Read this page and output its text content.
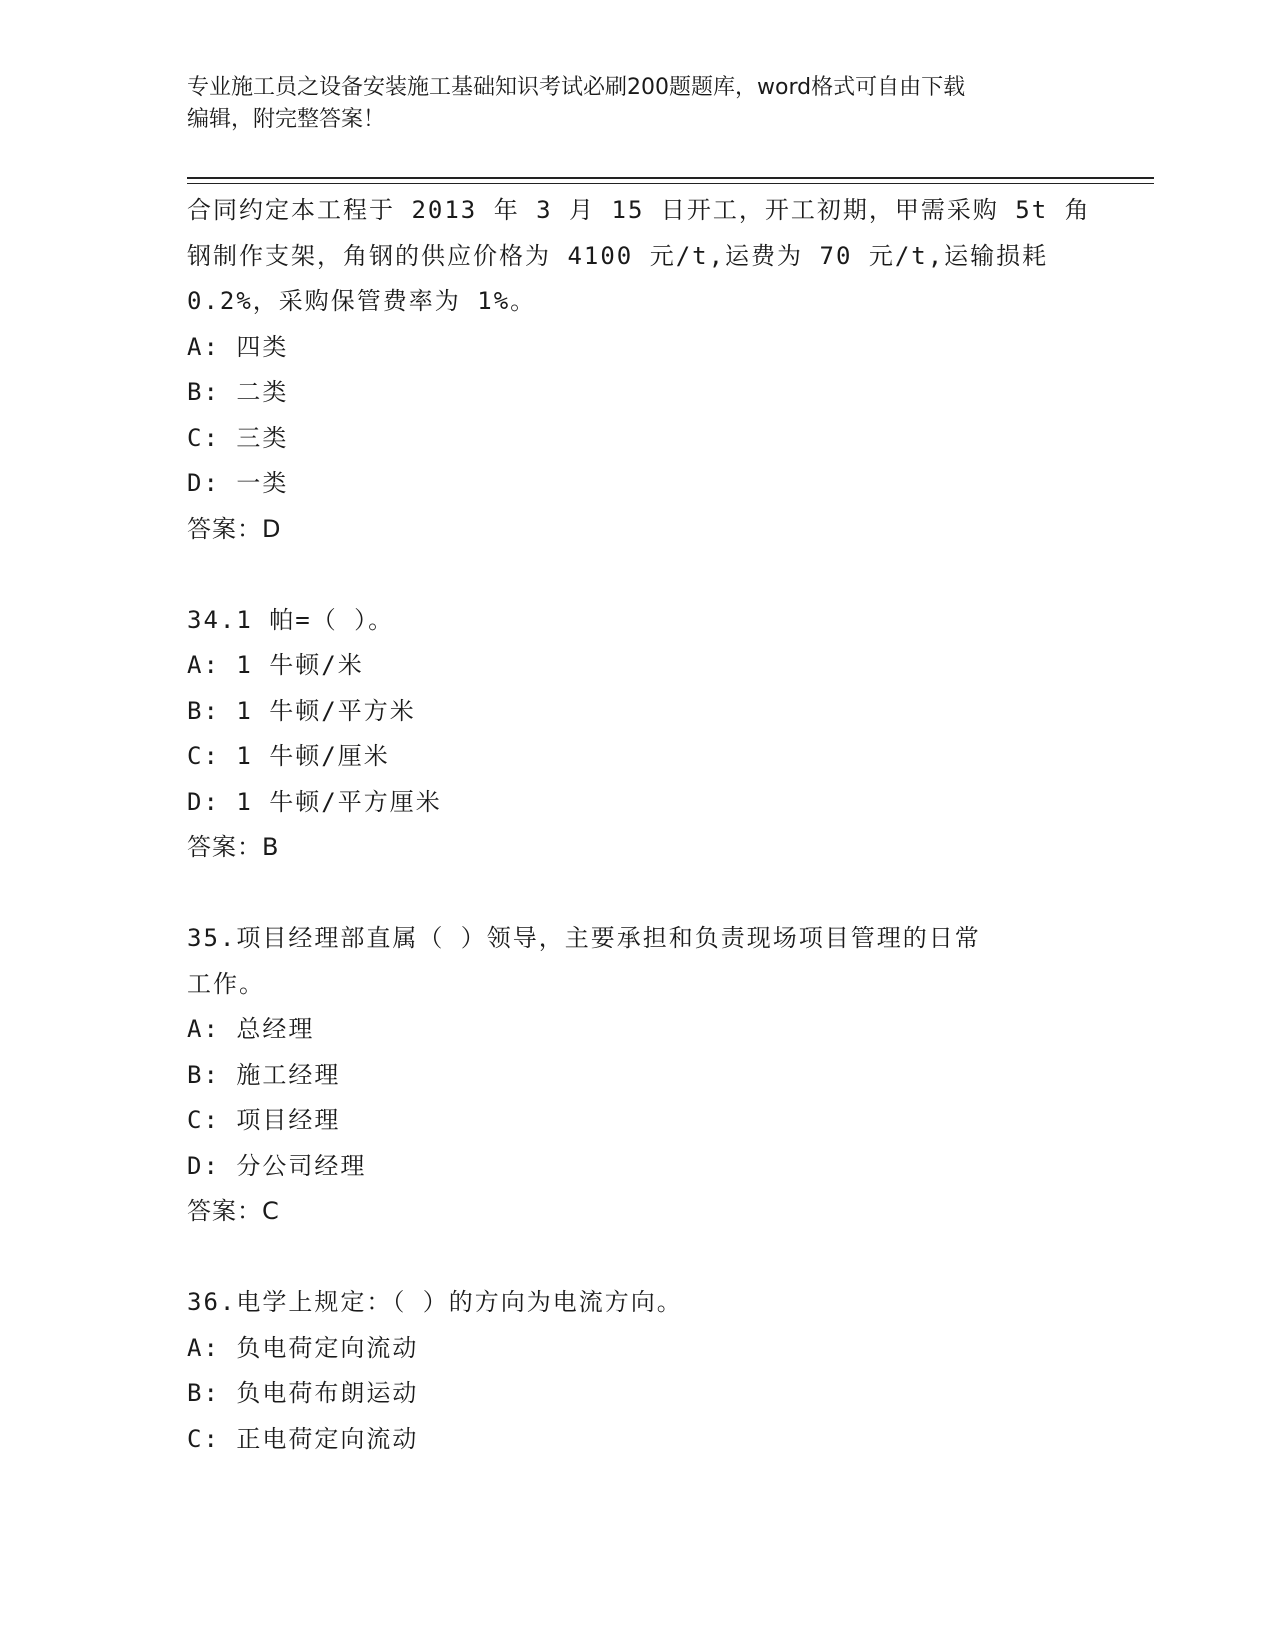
专业施工员之设备安装施工基础知识考试必刷200题题库，word格式可自由下载

编辑，附完整答案！

合同约定本工程于 2013 年 3 月 15 日开工，开工初期，甲需采购 5t 角
钢制作支架，角钢的供应价格为 4100 元/t,运费为 70 元/t,运输损耗
0.2%，采购保管费率为 1%。
A: 四类
B: 二类
C: 三类
D: 一类
答案：D
34.1 帕=（ ）。
A: 1 牛顿/米
B: 1 牛顿/平方米
C: 1 牛顿/厘米
D: 1 牛顿/平方厘米
答案：B
35.项目经理部直属（ ）领导，主要承担和负责现场项目管理的日常
工作。
A: 总经理
B: 施工经理
C: 项目经理
D: 分公司经理
答案：C
36.电学上规定：（ ）的方向为电流方向。
A: 负电荷定向流动
B: 负电荷布朗运动
C: 正电荷定向流动
